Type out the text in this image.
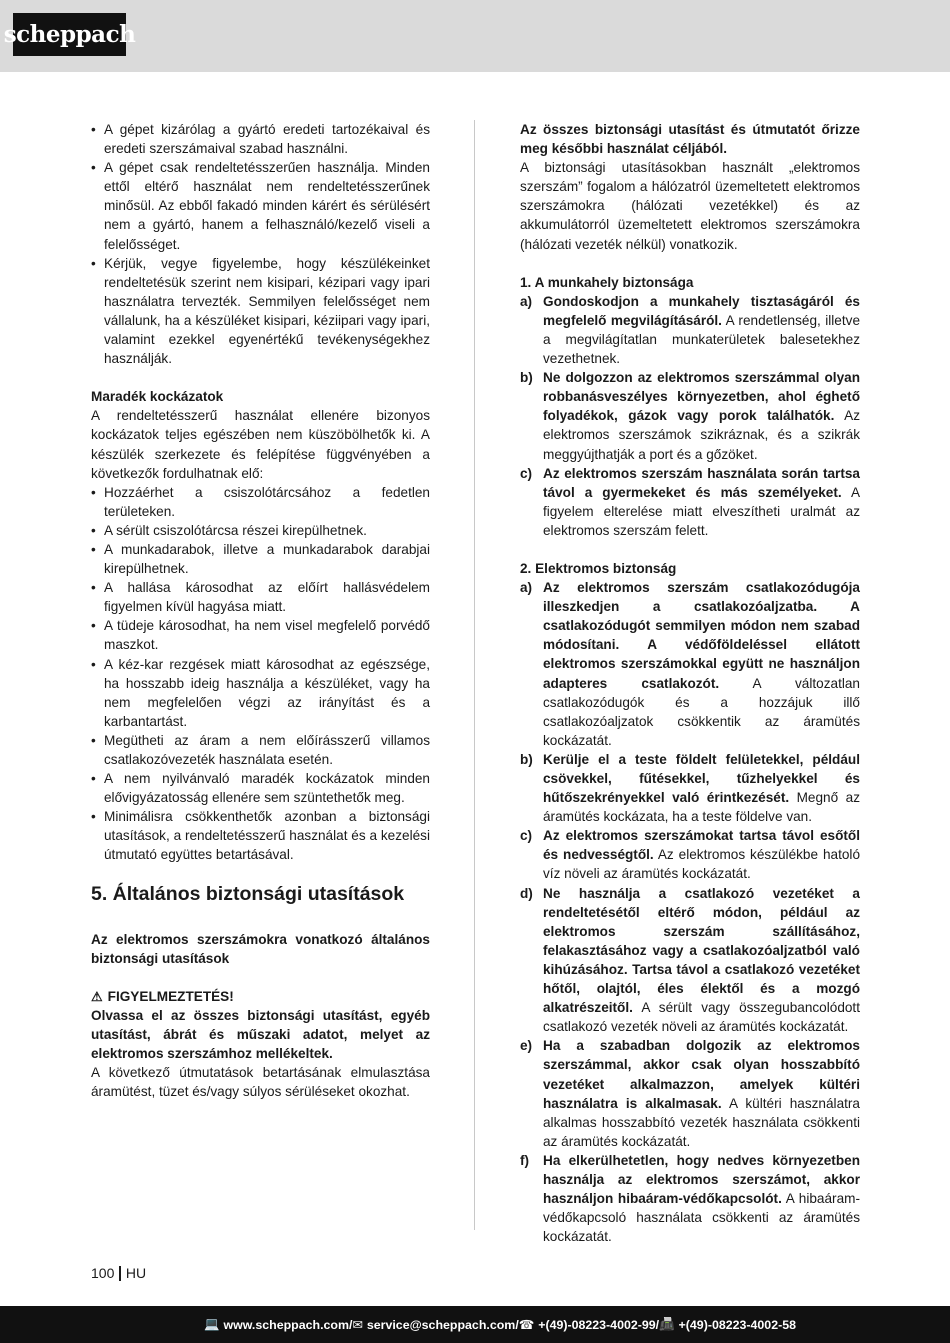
scheppach
• A gépet kizárólag a gyártó eredeti tartozékaival és eredeti szerszámaival szabad használni.
• A gépet csak rendeltetésszerűen használja. Minden ettől eltérő használat nem rendeltetésszerűnek minősül. Az ebből fakadó minden kárért és sérülésért nem a gyártó, hanem a felhasználó/kezelő viseli a felelősséget.
• Kérjük, vegye figyelembe, hogy készülékeinket rendeltetésük szerint nem kisipari, kézipari vagy ipari használatra tervezték. Semmilyen felelősséget nem vállalunk, ha a készüléket kisipari, kéziipari vagy ipari, valamint ezekkel egyenértékű tevékenységekhez használják.

Maradék kockázatok

A rendeltetésszerű használat ellenére bizonyos kockázatok teljes egészében nem küszöbölhetők ki. A készülék szerkezete és felépítése függvényében a következők fordulhatnak elő:

• Hozzáérhet a csiszolótárcsához a fedetlen területeken.
• A sérült csiszolótárcsa részei kirepülhetnek.
• A munkadarabok, illetve a munkadarabok darabjai kirepülhetnek.
• A hallása károsodhat az előírt hallásvédelem figyelmen kívül hagyása miatt.
• A tüdeje károsodhat, ha nem visel megfelelő porvédő maszkot.
• A kéz-kar rezgések miatt károsodhat az egészsége, ha hosszabb ideig használja a készüléket, vagy ha nem megfelelően végzi az irányítást és a karbantartást.
• Megütheti az áram a nem előírásszerű villamos csatlakozóvezeték használata esetén.
• A nem nyilvánvaló maradék kockázatok minden elővigyázatosság ellenére sem szüntethetők meg.
• Minimálisra csökkenthetők azonban a biztonsági utasítások, a rendeltetésszerű használat és a kezelési útmutató együttes betartásával.
5. Általános biztonsági utasítások

Az elektromos szerszámokra vonatkozó általános biztonsági utasítások

⚠ FIGYELMEZTETÉS!

Olvassa el az összes biztonsági utasítást, egyéb utasítást, ábrát és műszaki adatot, melyet az elektromos szerszámhoz mellékeltek.

A következő útmutatások betartásának elmulasztása áramütést, tüzet és/vagy súlyos sérüléseket okozhat.

Az összes biztonsági utasítást és útmutatót őrizze meg későbbi használat céljából.

A biztonsági utasításokban használt „elektromos szerszám” fogalom a hálózatról üzemeltetett elektromos szerszámokra (hálózati vezetékkel) és az akkumulátorról üzemeltetett elektromos szerszámokra (hálózati vezeték nélkül) vonatkozik.

1. A munkahely biztonsága

a) Gondoskodjon a munkahely tisztaságáról és megfelelő megvilágításáról. A rendetlenség, illetve a megvilágítatlan munkaterületek balesetekhez vezethetnek.
b) Ne dolgozzon az elektromos szerszámmal olyan robbanásveszélyes környezetben, ahol éghető folyadékok, gázok vagy porok találhatók. Az elektromos szerszámok szikráznak, és a szikrák meggyújthatják a port és a gőzöket.
c) Az elektromos szerszám használata során tartsa távol a gyermekeket és más személyeket. A figyelem elterelése miatt elveszítheti uralmát az elektromos szerszám felett.

2. Elektromos biztonság

a) Az elektromos szerszám csatlakozódugója illeszkedjen a csatlakozóaljzatba. A csatlakozódugót semmilyen módon nem szabad módosítani. A védőföldeléssel ellátott elektromos szerszámokkal együtt ne használjon adapteres csatlakozót. A változatlan csatlakozódugók és a hozzájuk illő csatlakozóaljzatok csökkentik az áramütés kockázatát.
b) Kerülje el a teste földelt felületekkel, például csövekkel, fűtésekkel, tűzhelyekkel és hűtőszekrényekkel való érintkezését. Megnő az áramütés kockázata, ha a teste földelve van.
c) Az elektromos szerszámokat tartsa távol esőtől és nedvességtől. Az elektromos készülékbe hatoló víz növeli az áramütés kockázatát.
d) Ne használja a csatlakozó vezetéket a rendeltetésétől eltérő módon, például az elektromos szerszám szállításához, felakasztásához vagy a csatlakozóaljzatból való kihúzásához. Tartsa távol a csatlakozó vezetéket hőtől, olajtól, éles élektől és a mozgó alkatrészeitől. A sérült vagy összegubancolódott csatlakozó vezeték növeli az áramütés kockázatát.
e) Ha a szabadban dolgozik az elektromos szerszámmal, akkor csak olyan hosszabbító vezetéket alkalmazzon, amelyek kültéri használatra is alkalmasak. A kültéri használatra alkalmas hosszabbító vezeték használata csökkenti az áramütés kockázatát.
f) Ha elkerülhetetlen, hogy nedves környezetben használja az elektromos szerszámot, akkor használjon hibaáram-védőkapcsolót. A hibaáram-védőkapcsoló használata csökkenti az áramütés kockázatát.
100 HU
💻 www.scheppach.com / ✉ service@scheppach.com / ☎ +(49)-08223-4002-99 / 📠 +(49)-08223-4002-58
